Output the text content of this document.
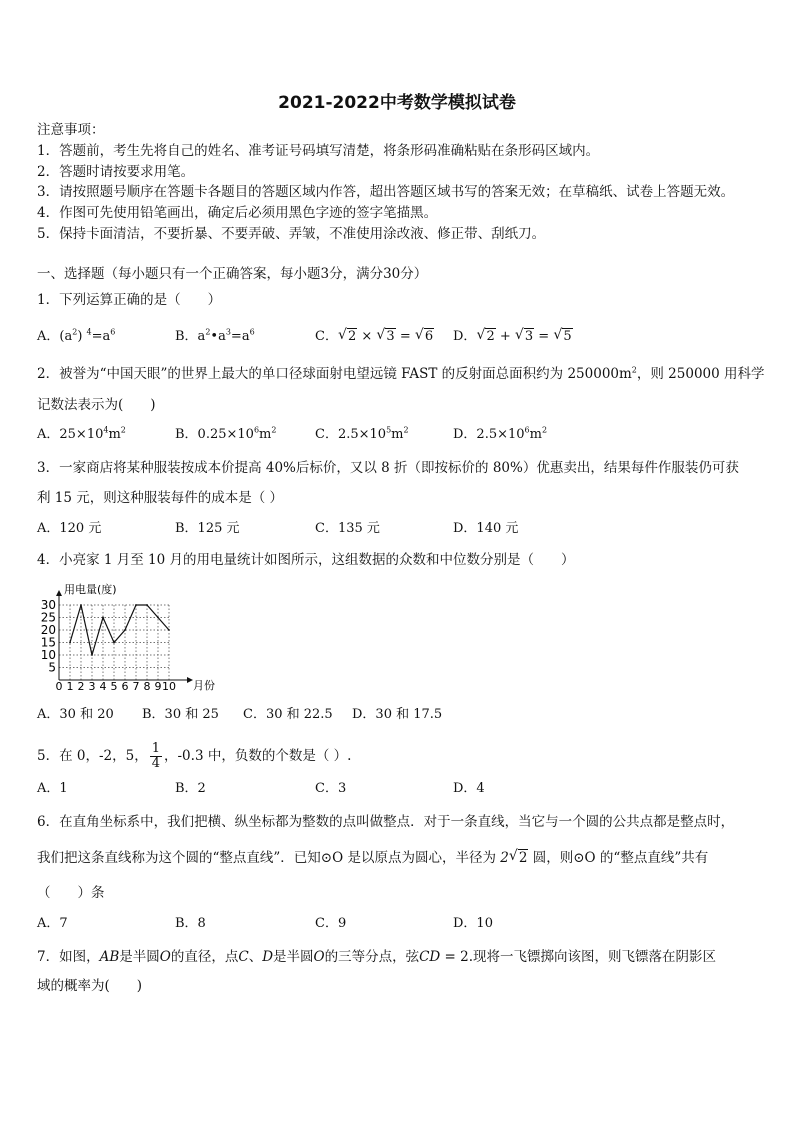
2021-2022中考数学模拟试卷
注意事项：
1．答题前，考生先将自己的姓名、准考证号码填写清楚，将条形码准确粘贴在条形码区域内。
2．答题时请按要求用笔。
3．请按照题号顺序在答题卡各题目的答题区域内作答，超出答题区域书写的答案无效；在草稿纸、试卷上答题无效。
4．作图可先使用铅笔画出，确定后必须用黑色字迹的签字笔描黑。
5．保持卡面清洁，不要折暴、不要弄破、弄皱，不准使用涂改液、修正带、刮纸刀。
一、选择题（每小题只有一个正确答案，每小题3分，满分30分）
1．下列运算正确的是（　　）
A．$(a^2)$ $^4=a^6$	B．$a^2•a^3=a^6$	C． √ 2 × √ 3 = √ 6 D． √ 2 + √ 3 = √ 5
2．被誉为“中国天眼”的世界上最大的单口径球面射电望远镜 FAST 的反射面总面积约为 $250000m^2$，则 250000 用科学
记数法表示为(　　)
A．$25\times 10^4m^2$	B．$0.25\times 10^6m^2$	C．$2.5\times 10^5m^2$	D．$2.5\times 10^6m^2$
3．一家商店将某种服装按成本价提高 40%后标价，又以 8 折（即按标价的 80%）优惠卖出，结果每件作服装仍可获
利 15 元，则这种服装每件的成本是（ ）
A．120 元	B．125 元	C．135 元	D．140 元
4．小亮家 1 月至 10 月的用电量统计如图所示，这组数据的众数和中位数分别是（　　）
用电量(度)
月份
5
10
15
20
25
30
0 1 2 3 4 5 6 7 8 9 10
A．30 和 20 B．30 和 25 C．30 和 22.5 D．30 和 17.5
5．在 0，-2，5， $\frac{1}{4}$ ，-0.3 中，负数的个数是（ ）.
A．1	B．2	C．3	D．4
6．在直角坐标系中，我们把横、纵坐标都为整数的点叫做整点．对于一条直线，当它与一个圆的公共点都是整点时，
我们把这条直线称为这个圆的“整点直线”．已知⊙O 是以原点为圆心，半径为 2 √ 2 圆，则⊙O 的“整点直线”共有
（　　）条
A．7	B．8	C．9	D．10
7．如图，AB是半圆O的直径，点C、D是半圆O的三等分点，弦CD = 2.现将一飞镖掷向该图，则飞镖落在阴影区
域的概率为(　　)
